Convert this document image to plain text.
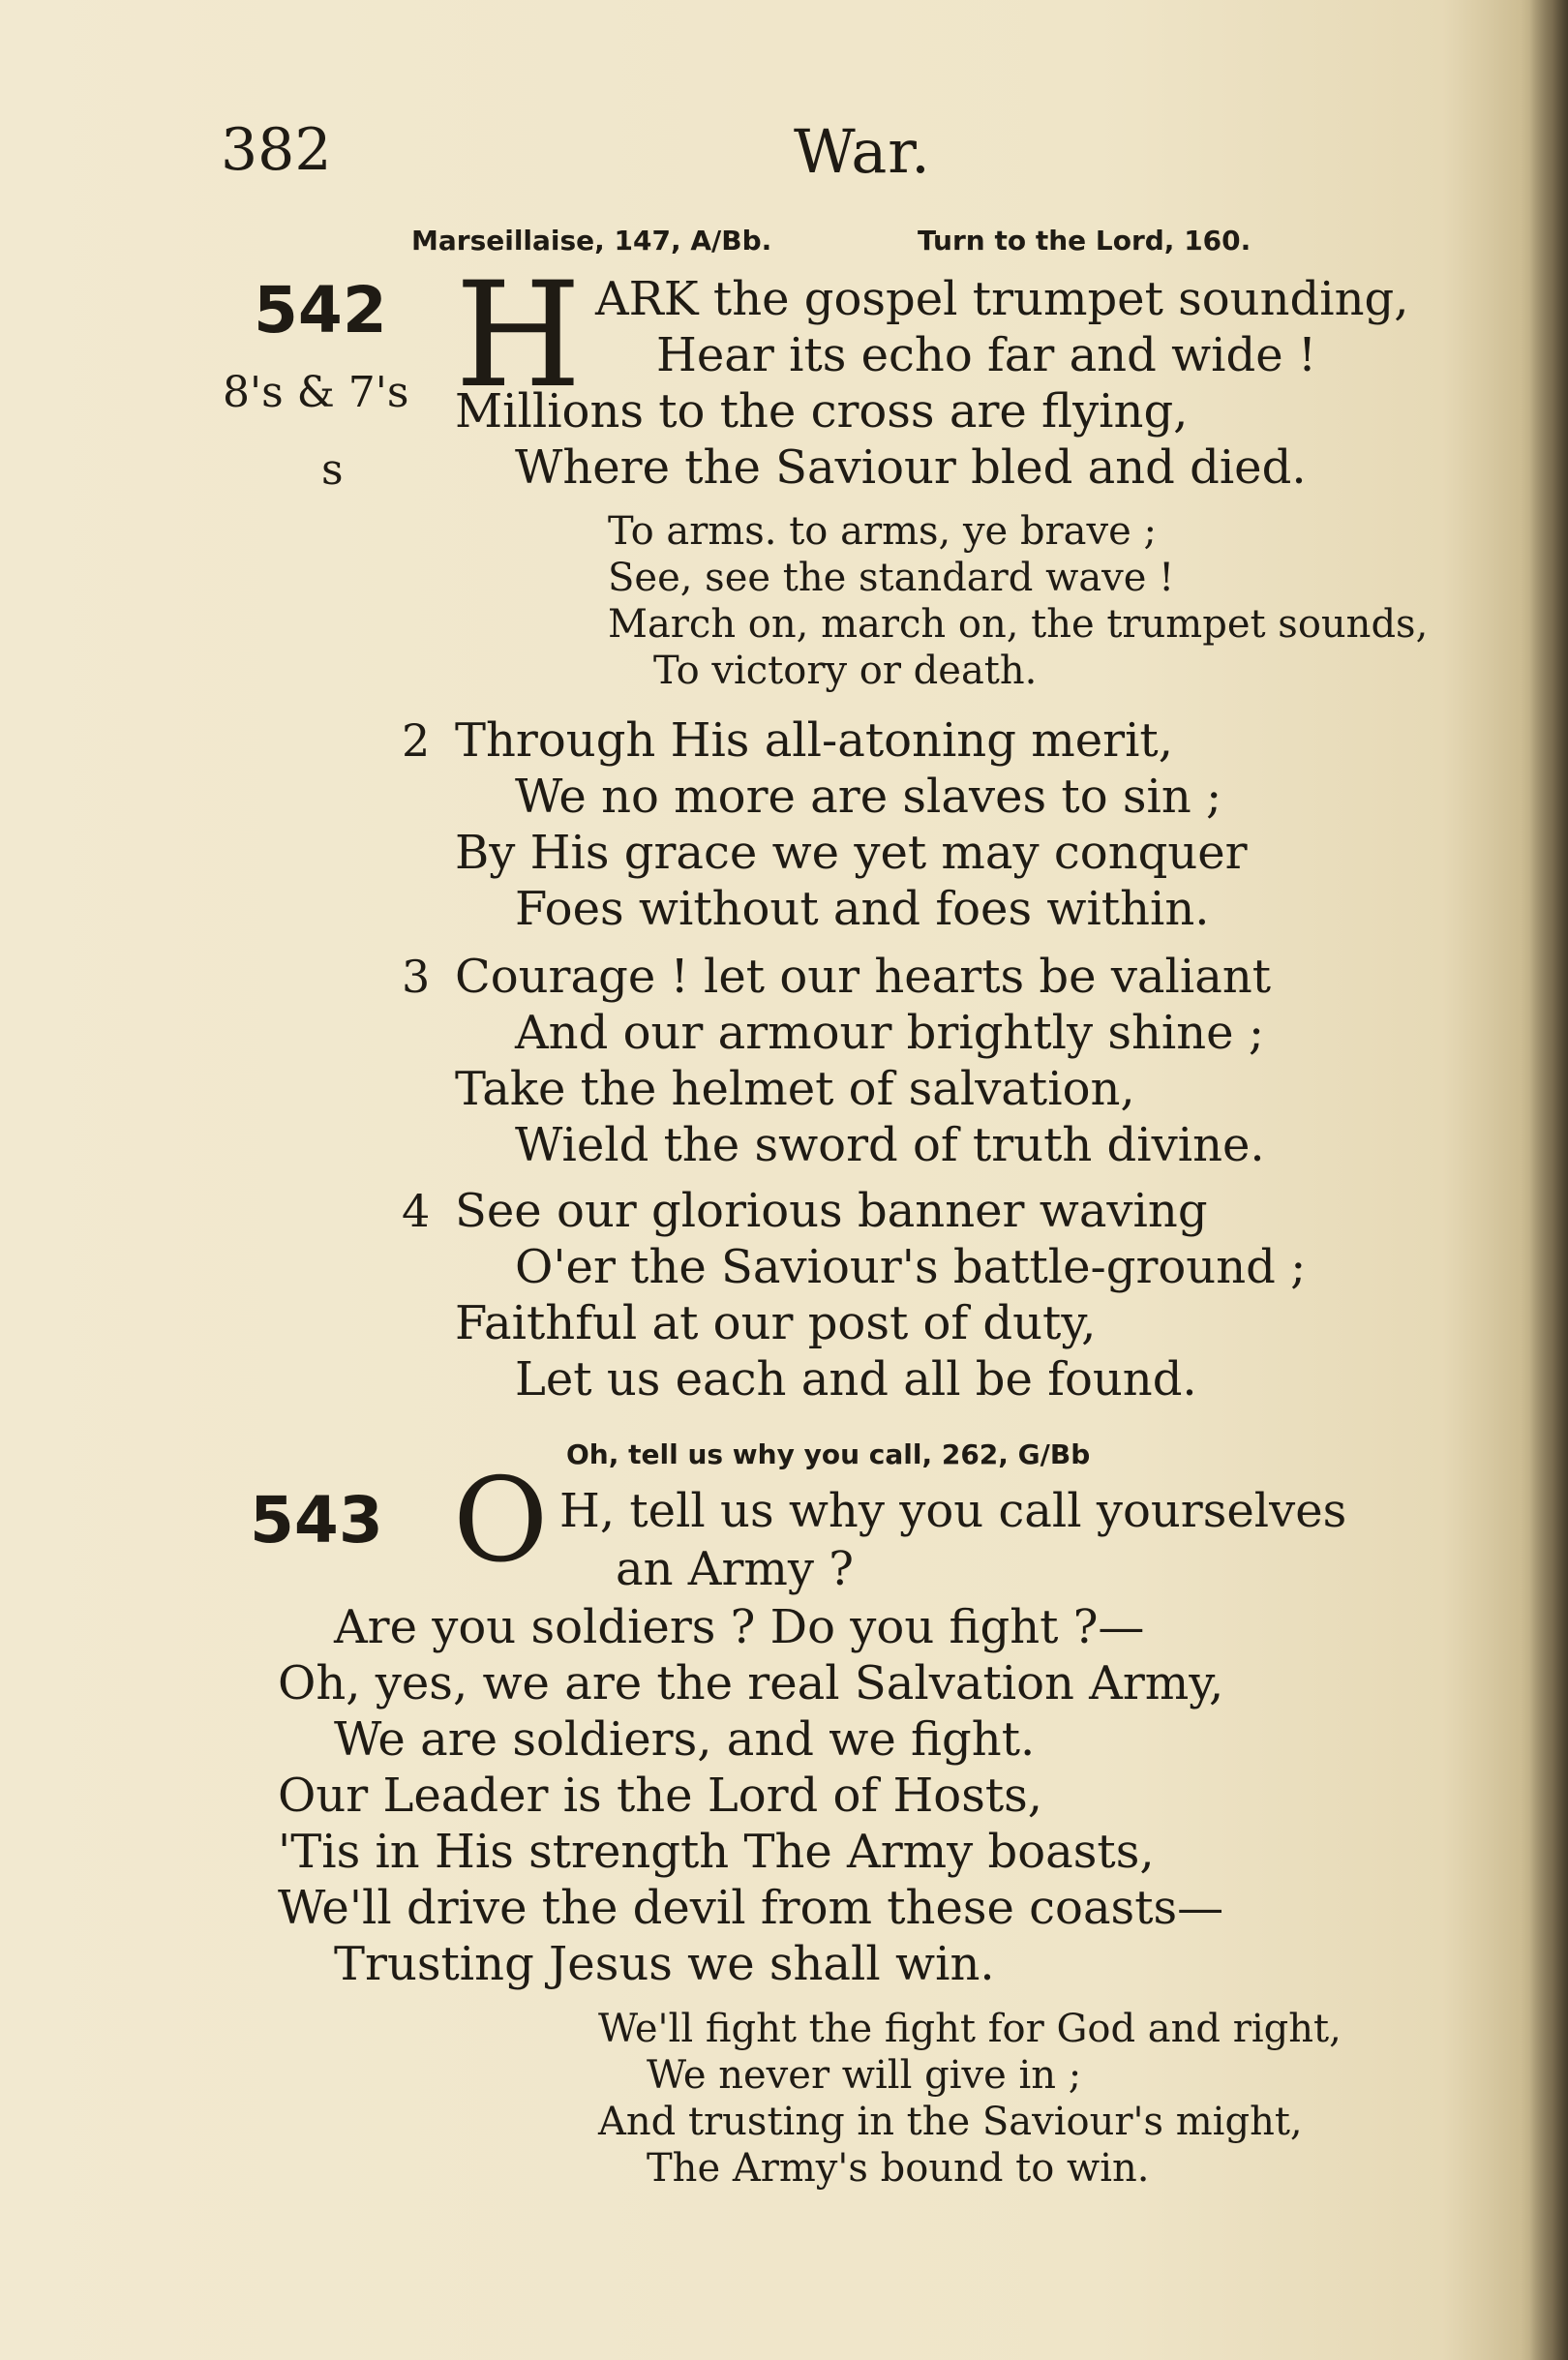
382	War.
Marseillaise, 147, A/Bb.	Turn to the Lord, 160.
542
8's & 7's
s
H ARK the gospel trumpet sounding,
Hear its echo far and wide !
Millions to the cross are flying,
Where the Saviour bled and died.
To arms. to arms, ye brave ;
See, see the standard wave !
March on, march on, the trumpet sounds,
To victory or death.
2 Through His all-atoning merit,
We no more are slaves to sin ;
By His grace we yet may conquer
Foes without and foes within.
3 Courage ! let our hearts be valiant
And our armour brightly shine ;
Take the helmet of salvation,
Wield the sword of truth divine.
4 See our glorious banner waving
O'er the Saviour's battle-ground ;
Faithful at our post of duty,
Let us each and all be found.
Oh, tell us why you call, 262, G/Bb
543 O H, tell us why you call yourselves
an Army ?
Are you soldiers ? Do you fight ?—
Oh, yes, we are the real Salvation Army,
We are soldiers, and we fight.
Our Leader is the Lord of Hosts,
'Tis in His strength The Army boasts,
We'll drive the devil from these coasts—
Trusting Jesus we shall win.
We'll fight the fight for God and right,
We never will give in ;
And trusting in the Saviour's might,
The Army's bound to win.
